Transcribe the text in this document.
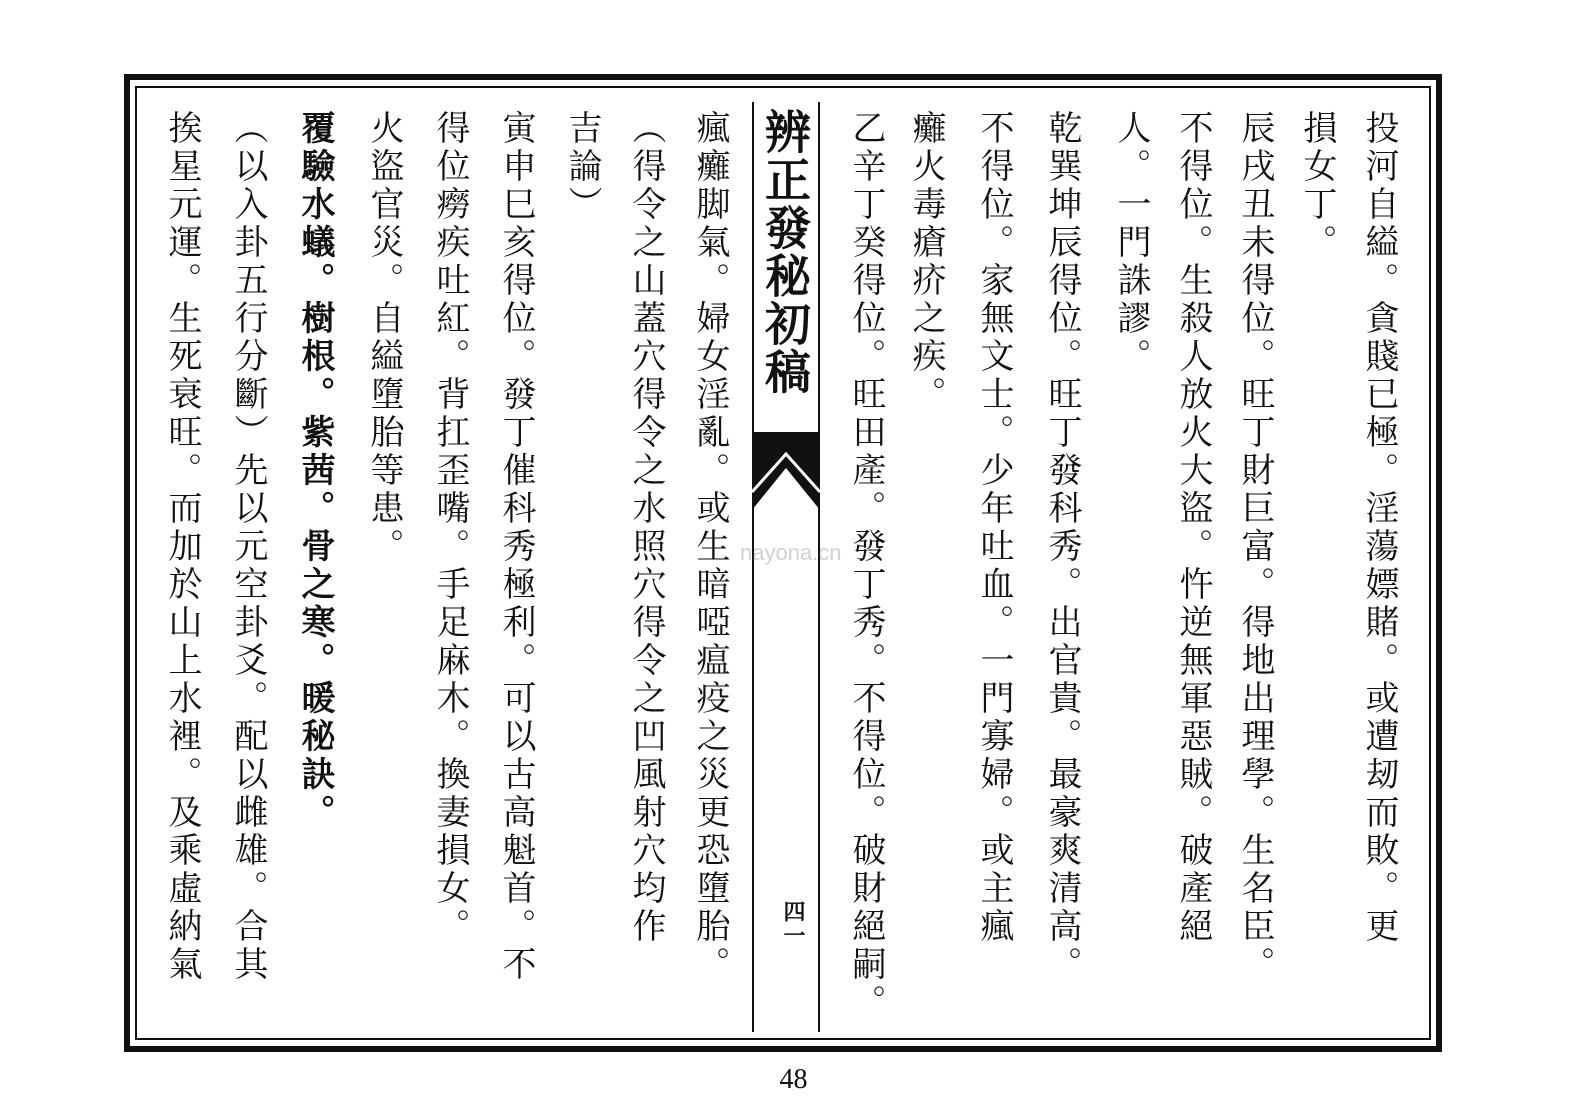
投河自縊。貪賤已極。淫蕩嫖賭。或遭刼而敗。更
損女丁。
辰戌丑未得位。旺丁財巨富。得地出理學。生名臣。
不得位。生殺人放火大盜。忤逆無軍惡賊。破產絕
人。一門誅謬。
乾巽坤辰得位。旺丁發科秀。出官貴。最豪爽清高。
不得位。家無文士。少年吐血。一門寡婦。或主瘋
癱火毒瘡疥之疾。
乙辛丁癸得位。旺田產。發丁秀。不得位。破財絕嗣。
辨正發秘初稿
四一
nayona.cn
瘋癱脚氣。婦女淫亂。或生暗啞瘟疫之災更恐墮胎。
（得令之山蓋穴得令之水照穴得令之凹風射穴均作
吉論）
寅申巳亥得位。發丁催科秀極利。可以古高魁首。不
得位癆疾吐紅。背扛歪嘴。手足麻木。換妻損女。
火盜官災。自縊墮胎等患。
覆驗水蟻。樹根。紫茜。骨之寒。暖秘訣。
（以入卦五行分斷）先以元空卦爻。配以雌雄。合其
挨星元運。生死衰旺。而加於山上水裡。及乘虛納氣
48
